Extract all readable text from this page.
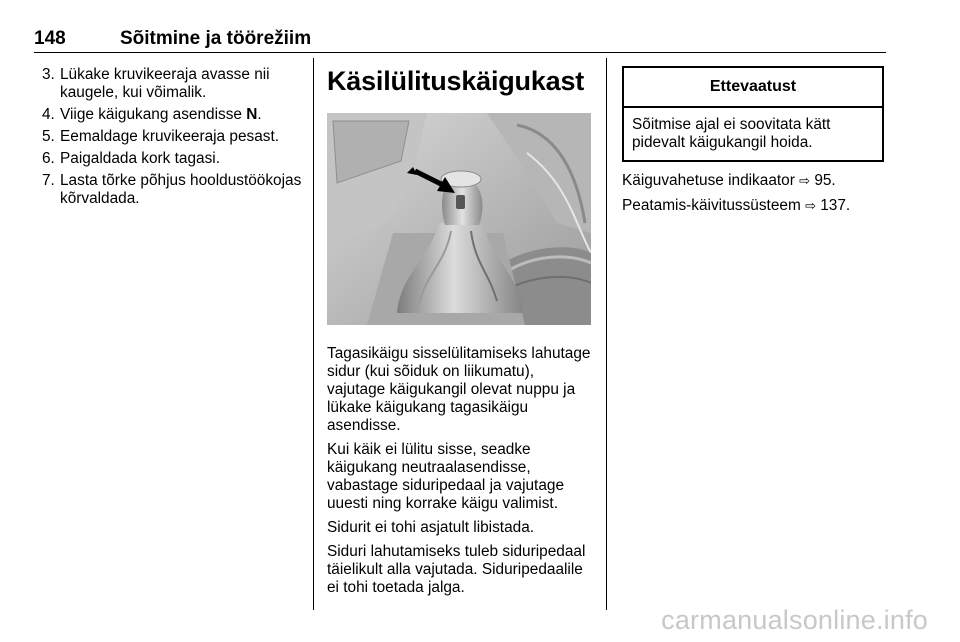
148	Sõitmine ja töörežiim
3. Lükake kruvikeeraja avasse nii kaugele, kui võimalik.
4. Viige käigukang asendisse N.
5. Eemaldage kruvikeeraja pesast.
6. Paigaldada kork tagasi.
7. Lasta tõrke põhjus hooldustöökojas kõrvaldada.
Käsilülituskäigukast

Tagasikäigu sisselülitamiseks lahutage sidur (kui sõiduk on liikumatu), vajutage käigukangil olevat nuppu ja lükake käigukang tagasikäigu asendisse.

Kui käik ei lülitu sisse, seadke käigukang neutraalasendisse, vabastage siduripedaal ja vajutage uuesti ning korrake käigu valimist.

Sidurit ei tohi asjatult libistada.

Siduri lahutamiseks tuleb siduripedaal täielikult alla vajutada. Siduripedaalile ei tohi toetada jalga.

Ettevaatust
Sõitmise ajal ei soovitata kätt pidevalt käigukangil hoida.

Käiguvahetuse indikaator ⇨ 95.

Peatamis-käivitussüsteem ⇨ 137.

carmanualsonline.info
